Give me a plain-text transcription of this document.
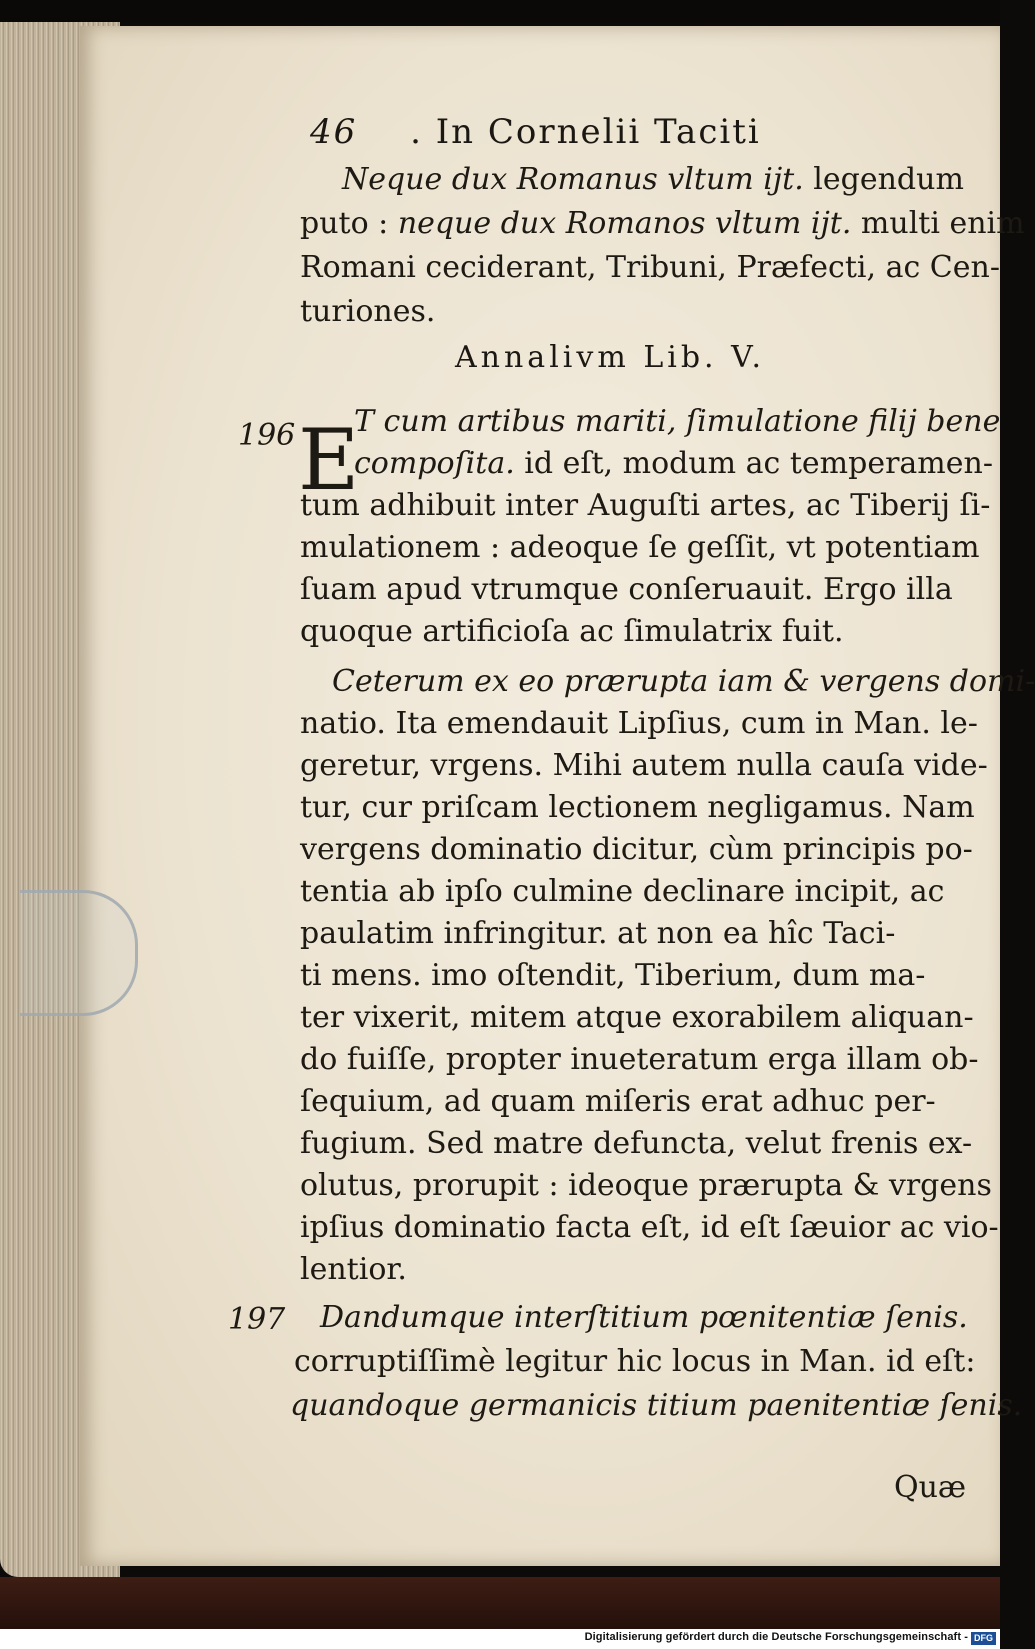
46 . In Cornelii Taciti
Neque dux Romanus vltum ijt. legendum
puto : neque dux Romanos vltum ijt. multi enim
Romani ceciderant, Tribuni, Præfecti, ac Cen-
turiones.
Annalivm Lib. V.
196 E
T cum artibus mariti, ſimulatione filij bene
compoſita. id eſt, modum ac temperamen-
tum adhibuit inter Auguſti artes, ac Tiberij ſi-
mulationem : adeoque ſe geſſit, vt potentiam
ſuam apud vtrumque conſeruauit. Ergo illa
quoque artificioſa ac ſimulatrix fuit.
Ceterum ex eo prærupta iam & vergens domi-
natio. Ita emendauit Lipſius, cum in Man. le-
geretur, vrgens. Mihi autem nulla cauſa vide-
tur, cur priſcam lectionem negligamus. Nam
vergens dominatio dicitur, cùm principis po-
tentia ab ipſo culmine declinare incipit, ac
paulatim infringitur. at non ea hîc Taci-
ti mens. imo oſtendit, Tiberium, dum ma-
ter vixerit, mitem atque exorabilem aliquan-
do fuiſſe, propter inueteratum erga illam ob-
ſequium, ad quam miſeris erat adhuc per-
fugium. Sed matre defuncta, velut frenis ex-
olutus, prorupit : ideoque prærupta & vrgens
ipſius dominatio facta eſt, id eſt ſæuior ac vio-
lentior.
197 Dandumque interſtitium pœnitentiæ ſenis.
corruptiſſimè legitur hic locus in Man. id eſt:
quandoque germanicis titium paenitentiæ ſenis.
Quæ
Digitalisierung gefördert durch die Deutsche Forschungsgemeinschaft - DFG
